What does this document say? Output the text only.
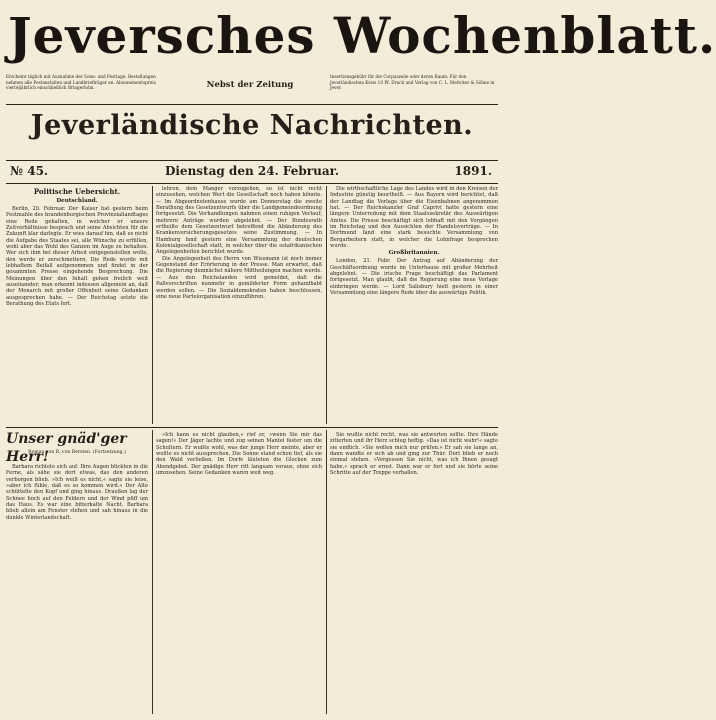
Jeversches Wochenblatt.
Erscheint täglich mit Ausnahme der Sonn- und Festtage. Bestellungen nehmen alle Postanstalten und Landbriefträger an. Abonnementspreis vierteljährlich einschließlich Bringerlohn.	Nebst der Zeitung
Insertionsgebühr für die Corpuszeile oder deren Raum: Für den Jeverländischen Kreis 10 Pf. Druck und Verlag von C. L. Mettcker & Söhne in Jever.
Jeverländische Nachrichten.
№ 45.	Dienstag den 24. Februar.	1891.
Politische Uebersicht.
Deutschland.

Berlin, 20. Februar. Der Kaiser hat gestern beim Festmahle des brandenburgischen Provinziallandtages eine Rede gehalten, in welcher er unsere Zeitverhältnisse besprach und seine Absichten für die Zukunft klar darlegte. Er wies darauf hin, daß es nicht die Aufgabe des Staates sei, alle Wünsche zu erfüllen, wohl aber das Wohl des Ganzen im Auge zu behalten. Wer sich ihm bei dieser Arbeit entgegenstellen wolle, den werde er zerschmettern. Die Rede wurde mit lebhaftem Beifall aufgenommen und findet in der gesammten Presse eingehende Besprechung. Die Meinungen über den Inhalt gehen freilich weit auseinander; man erkennt indessen allgemein an, daß der Monarch mit großer Offenheit seine Gedanken ausgesprochen habe. — Der Reichstag setzte die Berathung des Etats fort.

lehren, dem Manger vorzugehen, so ist nicht recht einzusehen, welchen Wert die Gesellschaft noch haben könnte. — Im Abgeordnetenhause wurde am Donnerstag die zweite Berathung des Gesetzentwurfs über die Landgemeindeordnung fortgesetzt. Die Verhandlungen nahmen einen ruhigen Verlauf; mehrere Anträge wurden abgelehnt. — Der Bundesrath ertheilte dem Gesetzentwurf betreffend die Abänderung des Krankenversicherungsgesetzes seine Zustimmung. — In Hamburg fand gestern eine Versammlung der deutschen Kolonialgesellschaft statt, in welcher über die ostafrikanischen Angelegenheiten berichtet wurde.

Die Angelegenheit des Herrn von Wissmann ist noch immer Gegenstand der Erörterung in der Presse. Man erwartet, daß die Regierung demnächst nähere Mittheilungen machen werde. — Aus den Reichslanden wird gemeldet, daß die Paßvorschriften nunmehr in gemilderter Form gehandhabt werden sollen. — Die Sozialdemokraten haben beschlossen, eine neue Parteiorganisation einzuführen.

Die wirthschaftliche Lage des Landes wird in den Kreisen der Industrie günstig beurtheilt. — Aus Bayern wird berichtet, daß der Landtag die Vorlage über die Eisenbahnen angenommen hat. — Der Reichskanzler Graf Caprivi hatte gestern eine längere Unterredung mit dem Staatssekretär des Auswärtigen Amtes. Die Presse beschäftigt sich lebhaft mit den Vorgängen im Reichstag und den Aussichten der Handelsverträge. — In Dortmund fand eine stark besuchte Versammlung von Bergarbeitern statt, in welcher die Lohnfrage besprochen wurde.

Großbritannien.

London, 21. Febr. Der Antrag auf Abänderung der Geschäftsordnung wurde im Unterhause mit großer Mehrheit abgelehnt. — Die irische Frage beschäftigt das Parlament fortgesetzt. Man glaubt, daß die Regierung eine neue Vorlage einbringen werde. — Lord Salisbury hielt gestern in einer Versammlung eine längere Rede über die auswärtige Politik.

Unser gnäd'ger Herr!
Roman von R. von Bersten. (Fortsetzung.)

Barbara richtete sich auf. Ihre Augen blickten in die Ferne, als sähe sie dort etwas, das den anderen verborgen blieb. »Ich weiß es nicht,« sagte sie leise, »aber ich fühle, daß es so kommen wird.« Der Alte schüttelte den Kopf und ging hinaus. Draußen lag der Schnee hoch auf den Feldern und der Wind pfiff um das Haus. Es war eine bitterkalte Nacht. Barbara blieb allein am Fenster stehen und sah hinaus in die dunkle Winterlandschaft.

»Ich kann es nicht glauben,« rief er, »wenn Sie mir das sagen!« Der Jäger lachte und zog seinen Mantel fester um die Schultern. Er wußte wohl, was der junge Herr meinte, aber er wollte es nicht aussprechen. Die Sonne stand schon tief, als sie den Wald verließen. Im Dorfe läuteten die Glocken zum Abendgebet. Der gnädige Herr ritt langsam voraus, ohne sich umzusehen. Seine Gedanken waren weit weg.

Sie wußte nicht recht, was sie antworten sollte. Ihre Hände zitterten und ihr Herz schlug heftig. »Das ist nicht wahr!« sagte sie endlich. »Sie wollen mich nur prüfen.« Er sah sie lange an, dann wandte er sich ab und ging zur Thür. Dort blieb er noch einmal stehen. »Vergessen Sie nicht, was ich Ihnen gesagt habe,« sprach er ernst. Dann war er fort und sie hörte seine Schritte auf der Treppe verhallen.
